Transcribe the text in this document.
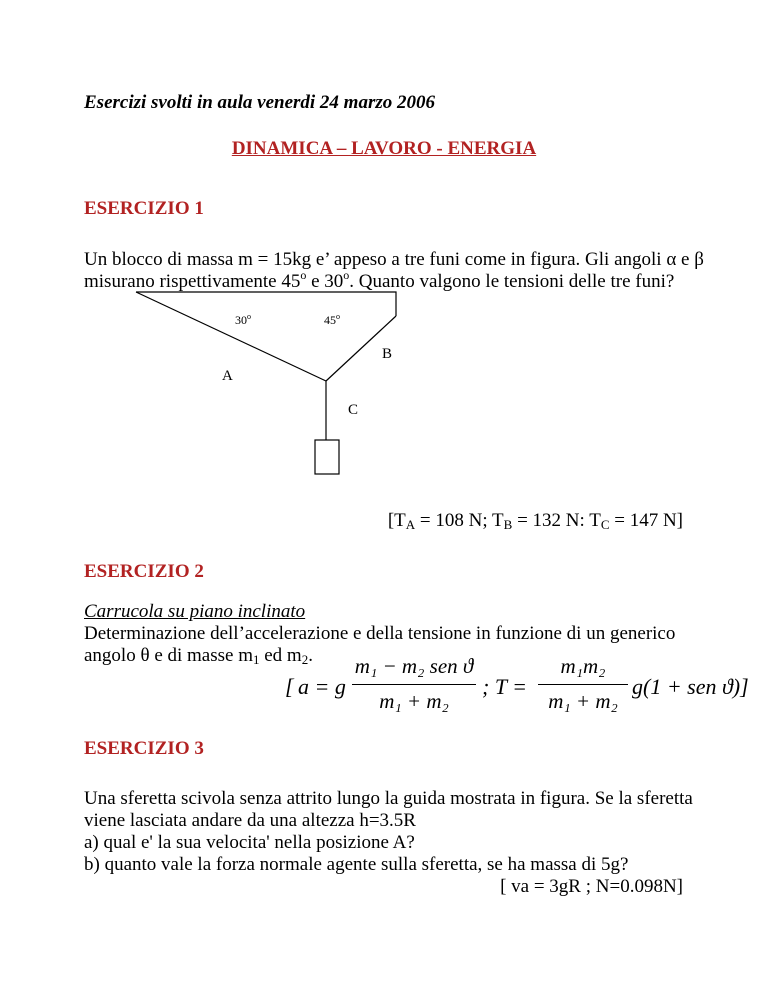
Esercizi svolti in aula venerdi 24 marzo 2006
DINAMICA – LAVORO - ENERGIA
ESERCIZIO 1
Un blocco di massa m = 15kg e’ appeso a tre funi come in figura. Gli angoli α e β
misurano rispettivamente 45$^o$ e 30$^o$. Quanto valgono le tensioni delle tre funi?
30$^o$	45$^o$
B
A
C
[$T_A = 108$ N; $T_B = 132$ N: $T_C = 147$ N]
ESERCIZIO 2
Carrucola su piano inclinato
Determinazione dell’accelerazione e della tensione in funzione di un generico
angolo θ e di masse $m_1$ ed $m_2$.
[ a = g
m₁ − m₂ sen ϑ
m₁ + m₂
; T =
m₁m₂
m₁ + m₂
g(1 + sen ϑ)]
ESERCIZIO 3
Una sferetta scivola senza attrito lungo la guida mostrata in figura. Se la sferetta
viene lasciata andare da una altezza h=3.5R
a) qual e' la sua velocita' nella posizione A?
b) quanto vale la forza normale agente sulla sferetta, se ha massa di 5g?
[ va = 3gR ; N=0.098N]
